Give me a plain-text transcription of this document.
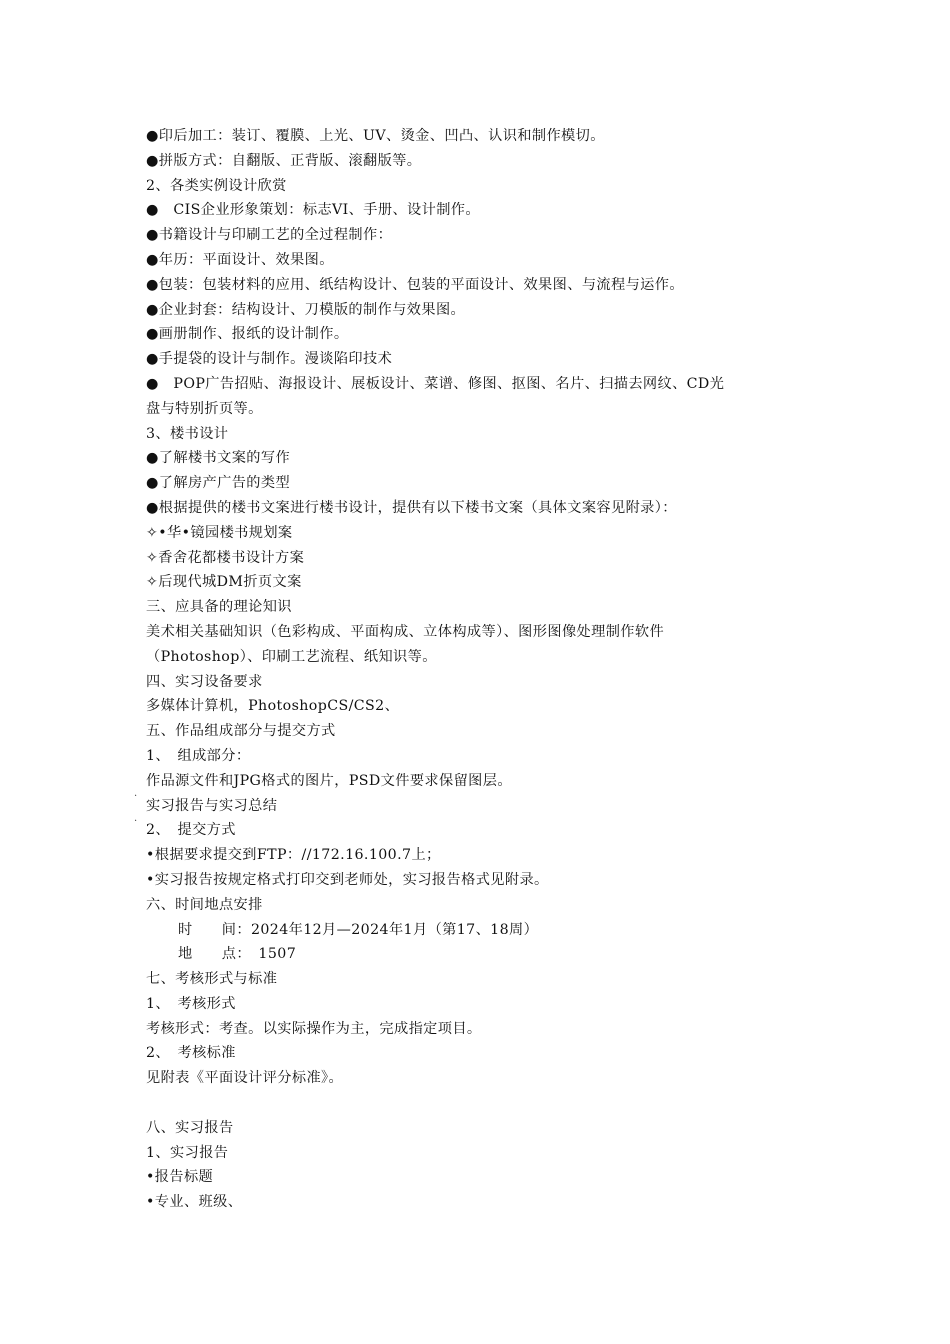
.
.
●印后加工：装订、覆膜、上光、UV、烫金、凹凸、认识和制作模切。
●拼版方式：自翻版、正背版、滚翻版等。
2、各类实例设计欣赏
●　CIS企业形象策划：标志VI、手册、设计制作。
●书籍设计与印刷工艺的全过程制作：
●年历：平面设计、效果图。
●包装：包装材料的应用、纸结构设计、包装的平面设计、效果图、与流程与运作。
●企业封套：结构设计、刀模版的制作与效果图。
●画册制作、报纸的设计制作。
●手提袋的设计与制作。漫谈陷印技术
●　POP广告招贴、海报设计、展板设计、菜谱、修图、抠图、名片、扫描去网纹、CD光
盘与特别折页等。
3、楼书设计
●了解楼书文案的写作
●了解房产广告的类型
●根据提供的楼书文案进行楼书设计，提供有以下楼书文案（具体文案容见附录）：
✧•华•镜园楼书规划案
✧香舍花都楼书设计方案
✧后现代城DM折页文案
三、应具备的理论知识
美术相关基础知识（色彩构成、平面构成、立体构成等）、图形图像处理制作软件
（Photoshop）、印刷工艺流程、纸知识等。
四、实习设备要求
多媒体计算机，PhotoshopCS/CS2、
五、作品组成部分与提交方式
1、　组成部分：
作品源文件和JPG格式的图片，PSD文件要求保留图层。
实习报告与实习总结
2、　提交方式
•根据要求提交到FTP：//172.16.100.7上；
•实习报告按规定格式打印交到老师处，实习报告格式见附录。
六、时间地点安排
时　　间：2024年12月—2024年1月（第17、18周）
地　　点：　1507
七、考核形式与标准
1、　考核形式
考核形式：考查。以实际操作为主，完成指定项目。
2、　考核标准
见附表《平面设计评分标准》。
八、实习报告
1、实习报告
•报告标题
•专业、班级、
